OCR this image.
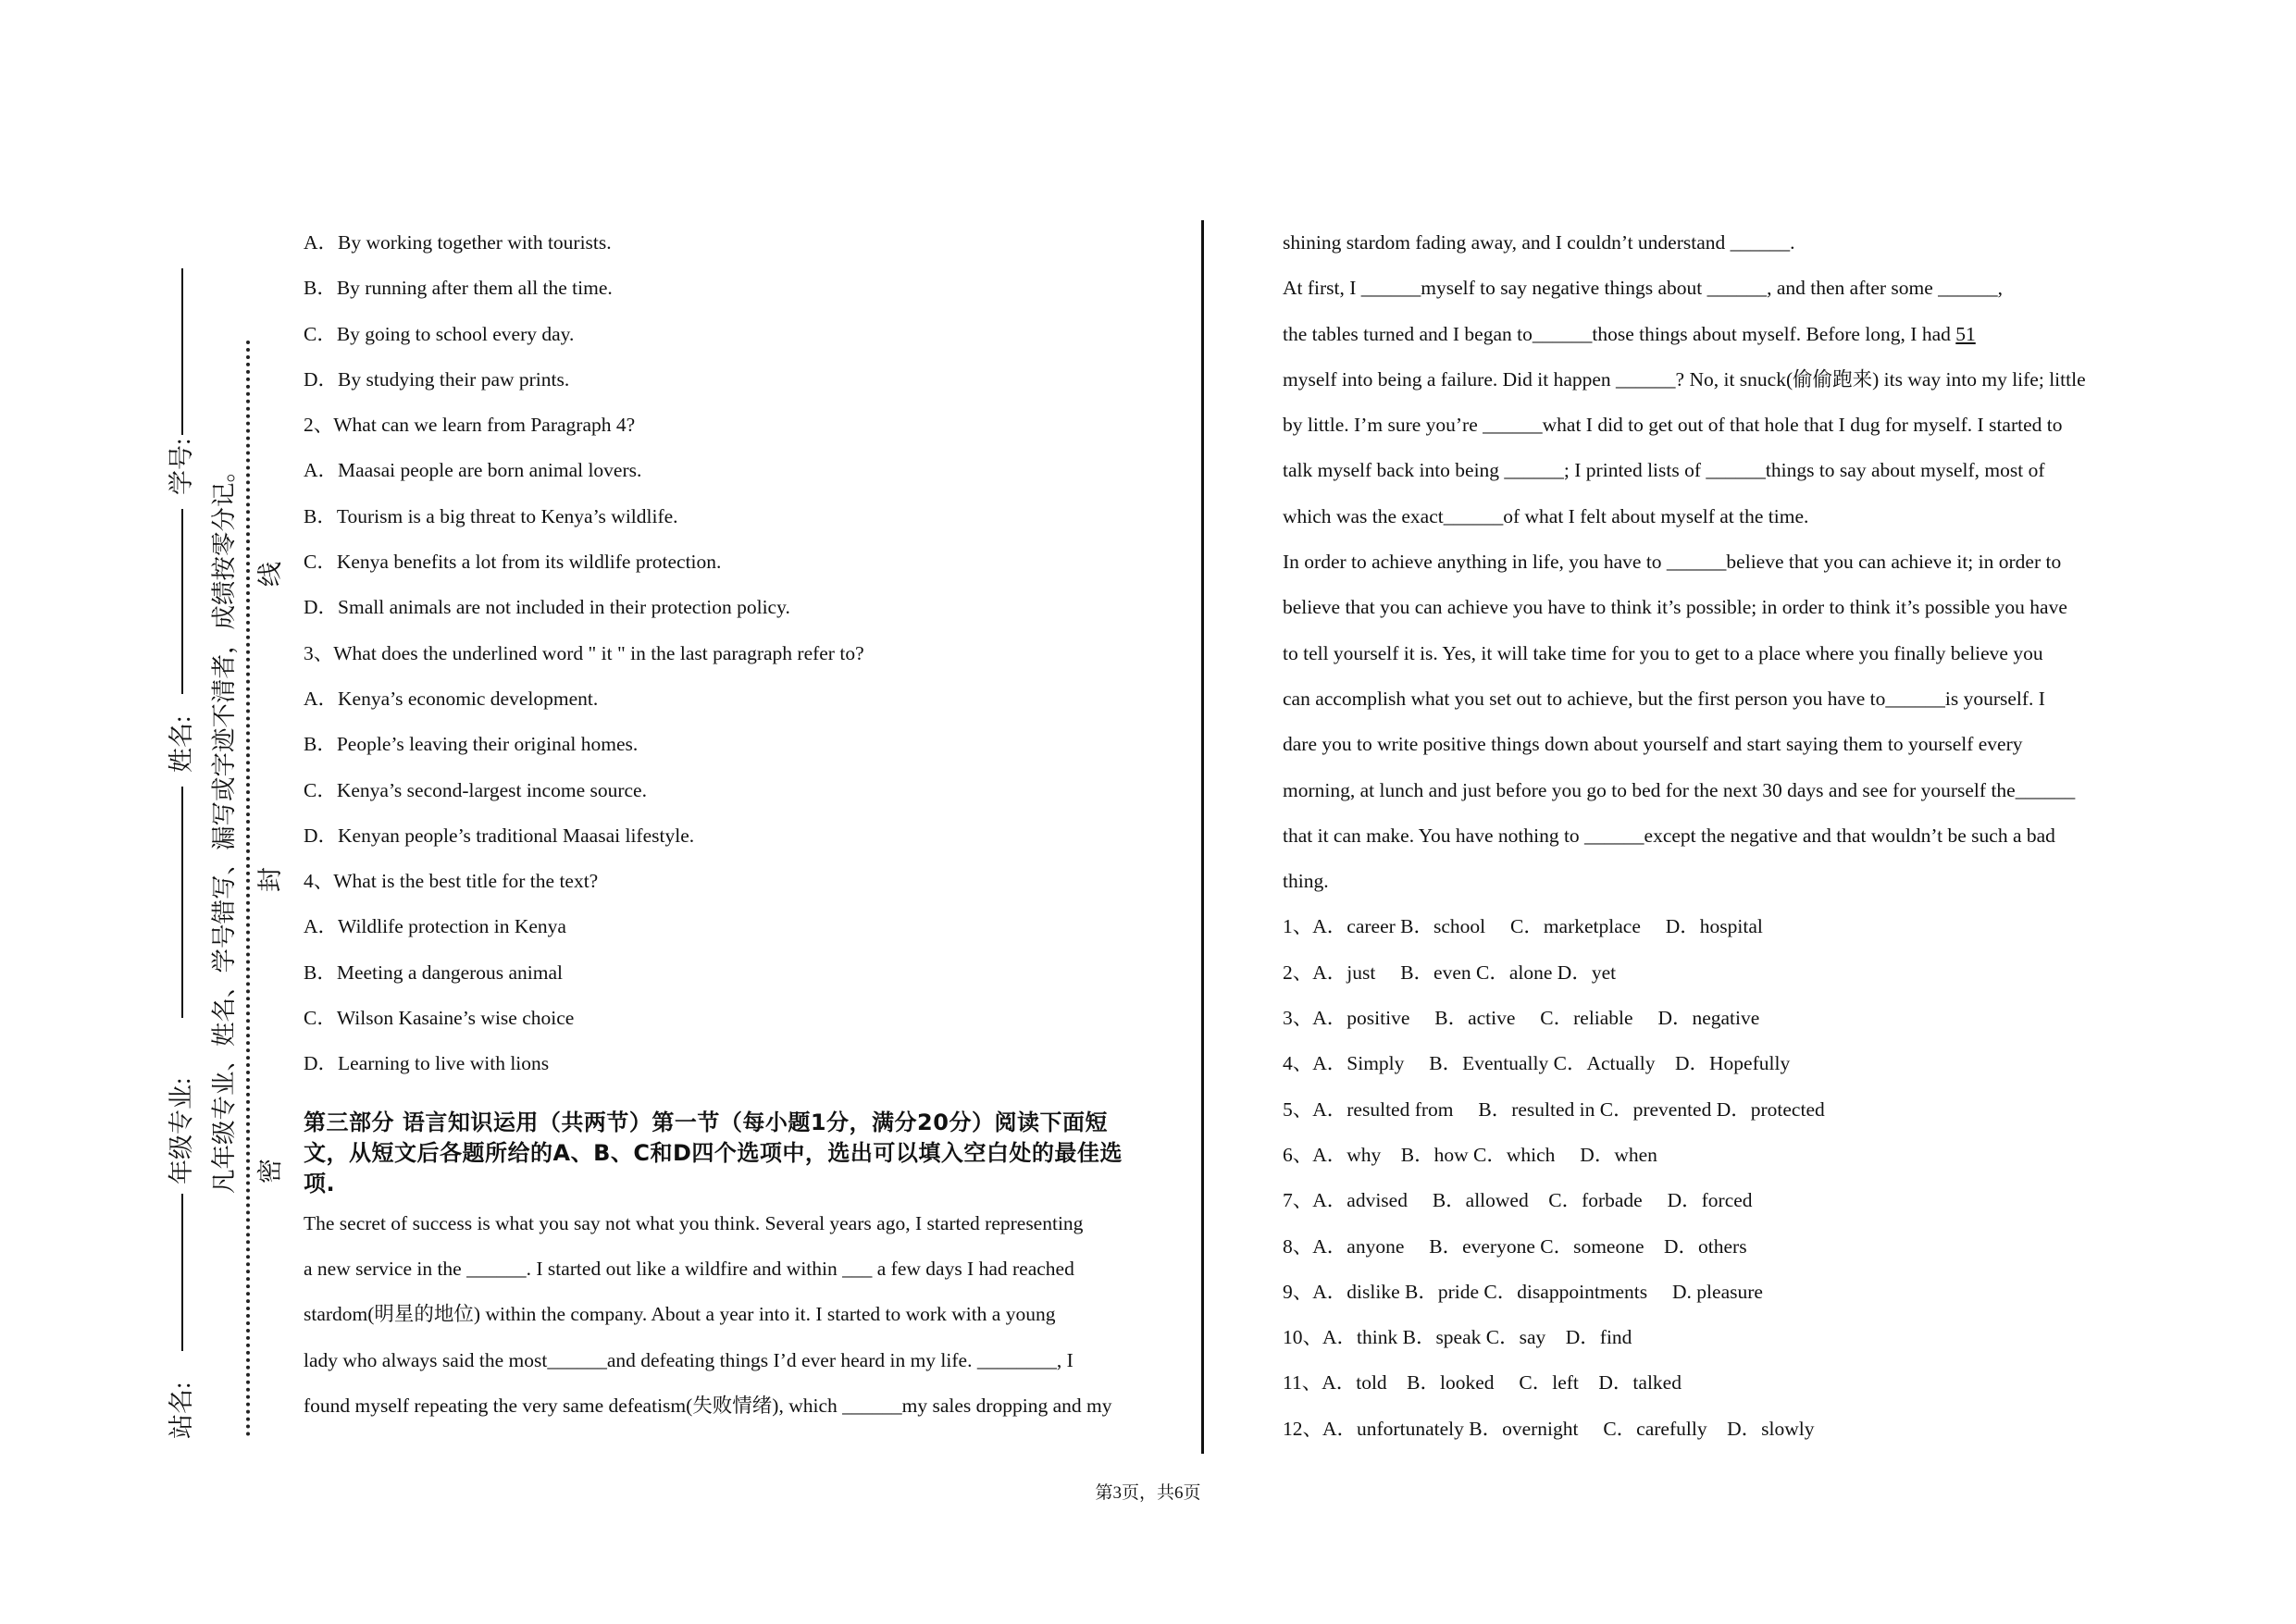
学号:
姓名:
年级专业:
站名:
凡年级专业、姓名、学号错写、漏写或字迹不清者，成绩按零分记。 线
封
密
A．By working together with tourists.
B．By running after them all the time.
C．By going to school every day.
D．By studying their paw prints.
2、What can we learn from Paragraph 4?
A．Maasai people are born animal lovers.
B．Tourism is a big threat to Kenya’s wildlife.
C．Kenya benefits a lot from its wildlife protection.
D．Small animals are not included in their protection policy.
3、What does the underlined word " it " in the last paragraph refer to?
A．Kenya’s economic development.
B．People’s leaving their original homes.
C．Kenya’s second-largest income source.
D．Kenyan people’s traditional Maasai lifestyle.
4、What is the best title for the text?
A．Wildlife protection in Kenya
B．Meeting a dangerous animal
C．Wilson Kasaine’s wise choice
D．Learning to live with lions
第三部分 语言知识运用（共两节）第一节（每小题1分，满分20分）阅读下面短文，从短文后各题所给的A、B、C和D四个选项中，选出可以填入空白处的最佳选项.
The secret of success is what you say not what you think. Several years ago, I started representing
a new service in the ______. I started out like a wildfire and within ___ a few days I had reached
stardom(明星的地位) within the company. About a year into it. I started to work with a young
lady who always said the most______and defeating things I’d ever heard in my life. ________, I
found myself repeating the very same defeatism(失败情绪), which ______my sales dropping and my
shining stardom fading away, and I couldn’t understand ______.
At first, I ______myself to say negative things about ______, and then after some ______,
the tables turned and I began to______those things about myself. Before long, I had 51
myself into being a failure. Did it happen ______? No, it snuck(偷偷跑来) its way into my life; little
by little. I’m sure you’re ______what I did to get out of that hole that I dug for myself. I started to
talk myself back into being ______; I printed lists of ______things to say about myself, most of
which was the exact______of what I felt about myself at the time.
In order to achieve anything in life, you have to ______believe that you can achieve it; in order to
believe that you can achieve you have to think it’s possible; in order to think it’s possible you have
to tell yourself it is. Yes, it will take time for you to get to a place where you finally believe you
can accomplish what you set out to achieve, but the first person you have to______is yourself. I
dare you to write positive things down about yourself and start saying them to yourself every
morning, at lunch and just before you go to bed for the next 30 days and see for yourself the______
that it can make. You have nothing to ______except the negative and that wouldn’t be such a bad
thing.
1、A．career B．school　 C．marketplace　 D．hospital
2、A．just　 B．even C．alone D．yet
3、A．positive　 B．active　 C．reliable　 D．negative
4、A．Simply　 B．Eventually C．Actually　D．Hopefully
5、A．resulted from　 B．resulted in C．prevented D．protected
6、A．why　B．how C．which　 D．when
7、A．advised　 B．allowed　C．forbade　 D．forced
8、A．anyone　 B．everyone C．someone　D．others
9、A．dislike B．pride C．disappointments　 D. pleasure
10、A．think B．speak C．say　D．find
11、A．told　B．looked　 C．left　D．talked
12、A．unfortunately B．overnight　 C．carefully　D．slowly
第3页，共6页
